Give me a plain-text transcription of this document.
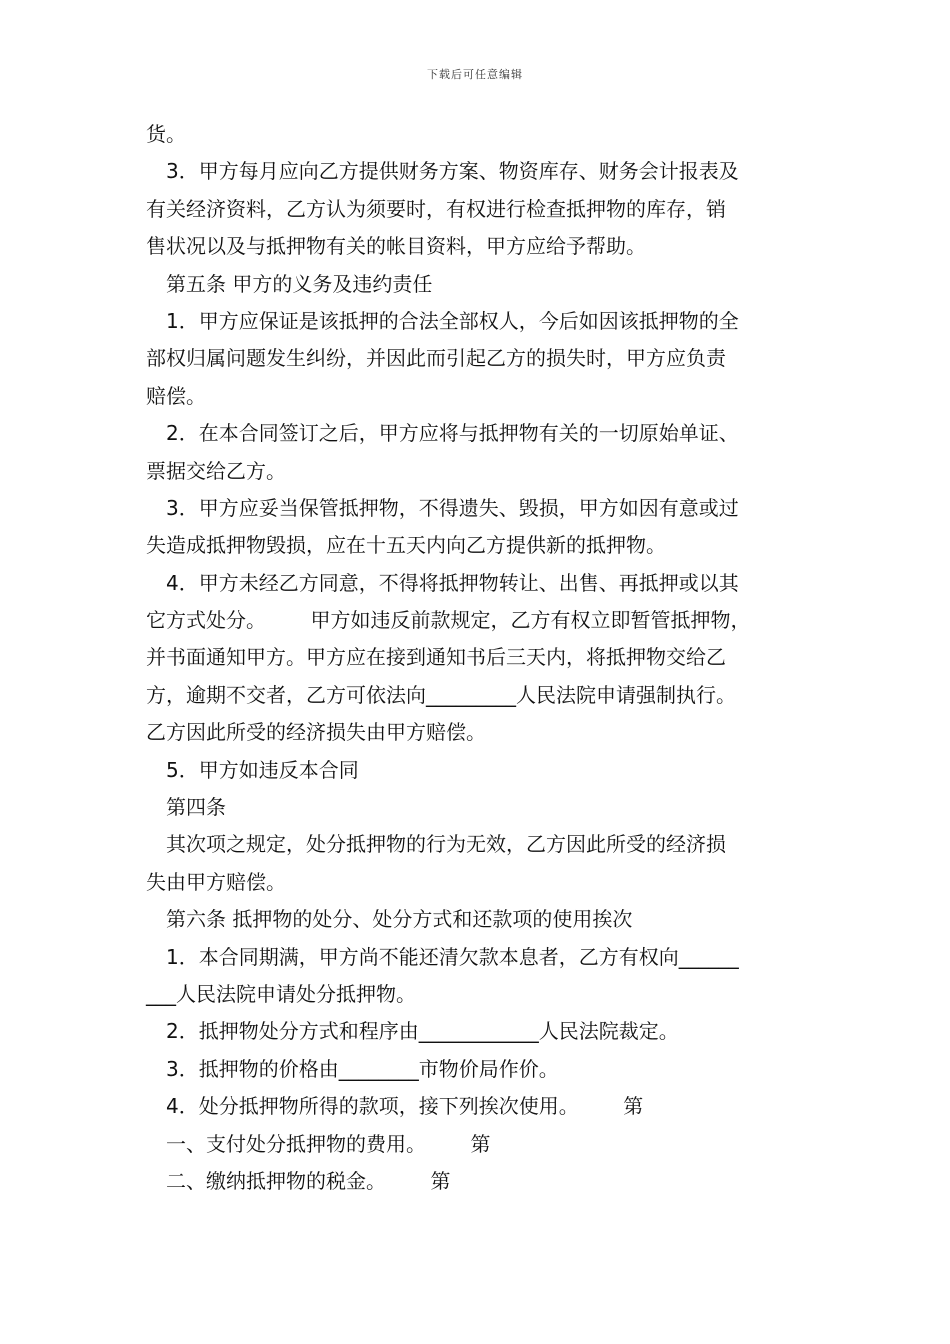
下载后可任意编辑
货。
3．甲方每月应向乙方提供财务方案、物资库存、财务会计报表及
有关经济资料，乙方认为须要时，有权进行检查抵押物的库存，销
售状况以及与抵押物有关的帐目资料，甲方应给予帮助。
第五条 甲方的义务及违约责任
1．甲方应保证是该抵押的合法全部权人，今后如因该抵押物的全
部权归属问题发生纠纷，并因此而引起乙方的损失时，甲方应负责
赔偿。
2．在本合同签订之后，甲方应将与抵押物有关的一切原始单证、
票据交给乙方。
3．甲方应妥当保管抵押物，不得遗失、毁损，甲方如因有意或过
失造成抵押物毁损，应在十五天内向乙方提供新的抵押物。
4．甲方未经乙方同意，不得将抵押物转让、出售、再抵押或以其
它方式处分。       甲方如违反前款规定，乙方有权立即暂管抵押物，
并书面通知甲方。甲方应在接到通知书后三天内，将抵押物交给乙
方，逾期不交者，乙方可依法向_________人民法院申请强制执行。
乙方因此所受的经济损失由甲方赔偿。
5．甲方如违反本合同
第四条
其次项之规定，处分抵押物的行为无效，乙方因此所受的经济损
失由甲方赔偿。
第六条 抵押物的处分、处分方式和还款项的使用挨次
1．本合同期满，甲方尚不能还清欠款本息者，乙方有权向______
___人民法院申请处分抵押物。
2．抵押物处分方式和程序由____________人民法院裁定。
3．抵押物的价格由________市物价局作价。
4．处分抵押物所得的款项，接下列挨次使用。       第
一、支付处分抵押物的费用。       第
二、缴纳抵押物的税金。       第
